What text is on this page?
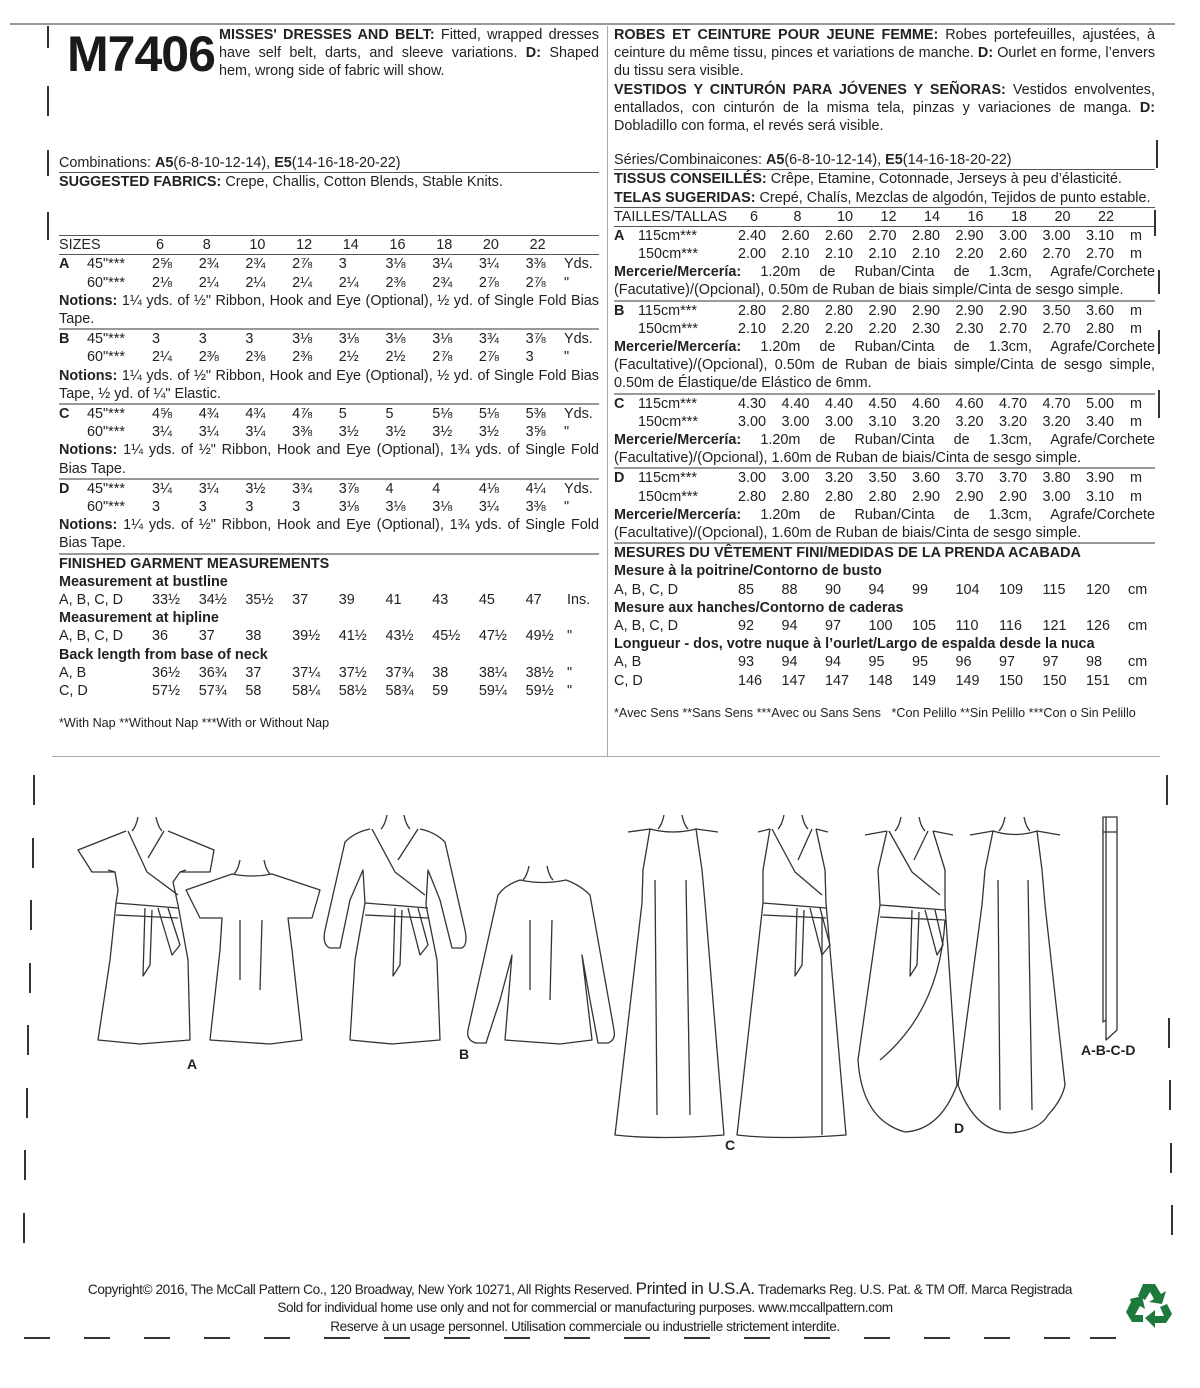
M7406 MISSES' DRESSES AND BELT: Fitted, wrapped dresses have self belt, darts, and sleeve variations. D: Shaped hem, wrong side of fabric will show.
Combinations: A5(6-8-10-12-14), E5(14-16-18-20-22)
SUGGESTED FABRICS: Crepe, Challis, Cotton Blends, Stable Knits.
SIZES	6	8	10 12 14 16 18 20 22
A 45"*** 2⅝ 2¾ 2¾ 2⅞ 3	3⅛ 3¼ 3¼ 3⅜ Yds.
60"*** 2⅛ 2¼ 2¼ 2¼ 2¼ 2⅜ 2¾ 2⅞ 2⅞ "
Notions: 1¼ yds. of ½" Ribbon, Hook and Eye (Optional), ½ yd. of Single Fold Bias Tape.
B 45"*** 3	3	3	3⅛ 3⅛ 3⅛ 3⅛ 3¾ 3⅞ Yds.
60"*** 2¼ 2⅜ 2⅜ 2⅜ 2½ 2½ 2⅞ 2⅞ 3 "
Notions: 1¼ yds. of ½" Ribbon, Hook and Eye (Optional), ½ yd. of Single Fold Bias Tape, ½ yd. of ¼" Elastic.
C 45"*** 4⅝ 4¾ 4¾ 4⅞ 5	5	5⅛ 5⅛ 5⅜ Yds.
60"*** 3¼ 3¼ 3¼ 3⅜ 3½ 3½ 3½ 3½ 3⅝ "
Notions: 1¼ yds. of ½" Ribbon, Hook and Eye (Optional), 1¾ yds. of Single Fold Bias Tape.
D 45"*** 3¼ 3¼ 3½ 3¾ 3⅞ 4	4	4⅛ 4¼ Yds.
60"*** 3	3	3	3	3⅛ 3⅛ 3⅛ 3¼ 3⅜ "
Notions: 1¼ yds. of ½" Ribbon, Hook and Eye (Optional), 1¾ yds. of Single Fold Bias Tape.
FINISHED GARMENT MEASUREMENTS
Measurement at bustline
A, B, C, D 33½ 34½ 35½ 37 39 41 43 45 47 Ins.
Measurement at hipline
A, B, C, D 36 37 38 39½ 41½ 43½ 45½ 47½ 49½ "
Back length from base of neck
A, B	36½ 36¾ 37 37¼ 37½ 37¾ 38 38¼ 38½ "
C, D	57½ 57¾ 58 58¼ 58½ 58¾ 59 59¼ 59½ "
*With Nap **Without Nap ***With or Without Nap
ROBES ET CEINTURE POUR JEUNE FEMME: Robes portefeuilles, ajustées, à ceinture du même tissu, pinces et variations de manche. D: Ourlet en forme, l’envers du tissu sera visible.
VESTIDOS Y CINTURÓN PARA JÓVENES Y SEÑORAS: Vestidos envolventes, entallados, con cinturón de la misma tela, pinzas y variaciones de manga. D: Dobladillo con forma, el revés será visible.
Séries/Combinaicones: A5(6-8-10-12-14), E5(14-16-18-20-22)
TISSUS CONSEILLÉS: Crêpe, Etamine, Cotonnade, Jerseys à peu d’élasticité.
TELAS SUGERIDAS: Crepé, Chalís, Mezclas de algodón, Tejidos de punto estable.
TAILLES/TALLAS 6 8 10 12 14 16 18 20 22
A 115cm***	2.40 2.60 2.60 2.70 2.80 2.90 3.00 3.00 3.10 m
150cm***	2.00 2.10 2.10 2.10 2.10 2.20 2.60 2.70 2.70 m
Mercerie/Mercería: 1.20m de Ruban/Cinta de 1.3cm, Agrafe/Corchete (Facutative)/(Opcional), 0.50m de Ruban de biais simple/Cinta de sesgo simple.
B 115cm***	2.80 2.80 2.80 2.90 2.90 2.90 2.90 3.50 3.60 m
150cm***	2.10 2.20 2.20 2.20 2.30 2.30 2.70 2.70 2.80 m
Mercerie/Mercería: 1.20m de Ruban/Cinta de 1.3cm, Agrafe/Corchete (Facultative)/(Opcional), 0.50m de Ruban de biais simple/Cinta de sesgo simple, 0.50m de Élastique/de Elástico de 6mm.
C 115cm***	4.30 4.40 4.40 4.50 4.60 4.60 4.70 4.70 5.00 m
150cm***	3.00 3.00 3.00 3.10 3.20 3.20 3.20 3.20 3.40 m
Mercerie/Mercería: 1.20m de Ruban/Cinta de 1.3cm, Agrafe/Corchete (Facultative)/(Opcional), 1.60m de Ruban de biais/Cinta de sesgo simple.
D 115cm***	3.00 3.00 3.20 3.50 3.60 3.70 3.70 3.80 3.90 m
150cm***	2.80 2.80 2.80 2.80 2.90 2.90 2.90 3.00 3.10 m
Mercerie/Mercería: 1.20m de Ruban/Cinta de 1.3cm, Agrafe/Corchete (Facultative)/(Opcional), 1.60m de Ruban de biais/Cinta de sesgo simple.
MESURES DU VÊTEMENT FINI/MEDIDAS DE LA PRENDA ACABADA
Mesure à la poitrine/Contorno de busto
A, B, C, D	85 88 90 94 99 104 109 115 120 cm
Mesure aux hanches/Contorno de caderas
A, B, C, D	92 94 97 100 105 110 116 121 126 cm
Longueur - dos, votre nuque à l’ourlet/Largo de espalda desde la nuca
A, B	93 94 94 95 95 96 97 97 98 cm
C, D	146 147 147 148 149 149 150 150 151 cm
*Avec Sens **Sans Sens ***Avec ou Sans Sens   *Con Pelillo **Sin Pelillo ***Con o Sin Pelillo
A
B
C
D
A-B-C-D
Copyright© 2016, The McCall Pattern Co., 120 Broadway, New York 10271, All Rights Reserved. Printed in U.S.A. Trademarks Reg. U.S. Pat. & TM Off. Marca Registrada
Sold for individual home use only and not for commercial or manufacturing purposes. www.mccallpattern.com
Reserve à un usage personnel. Utilisation commerciale ou industrielle strictement interdite.
